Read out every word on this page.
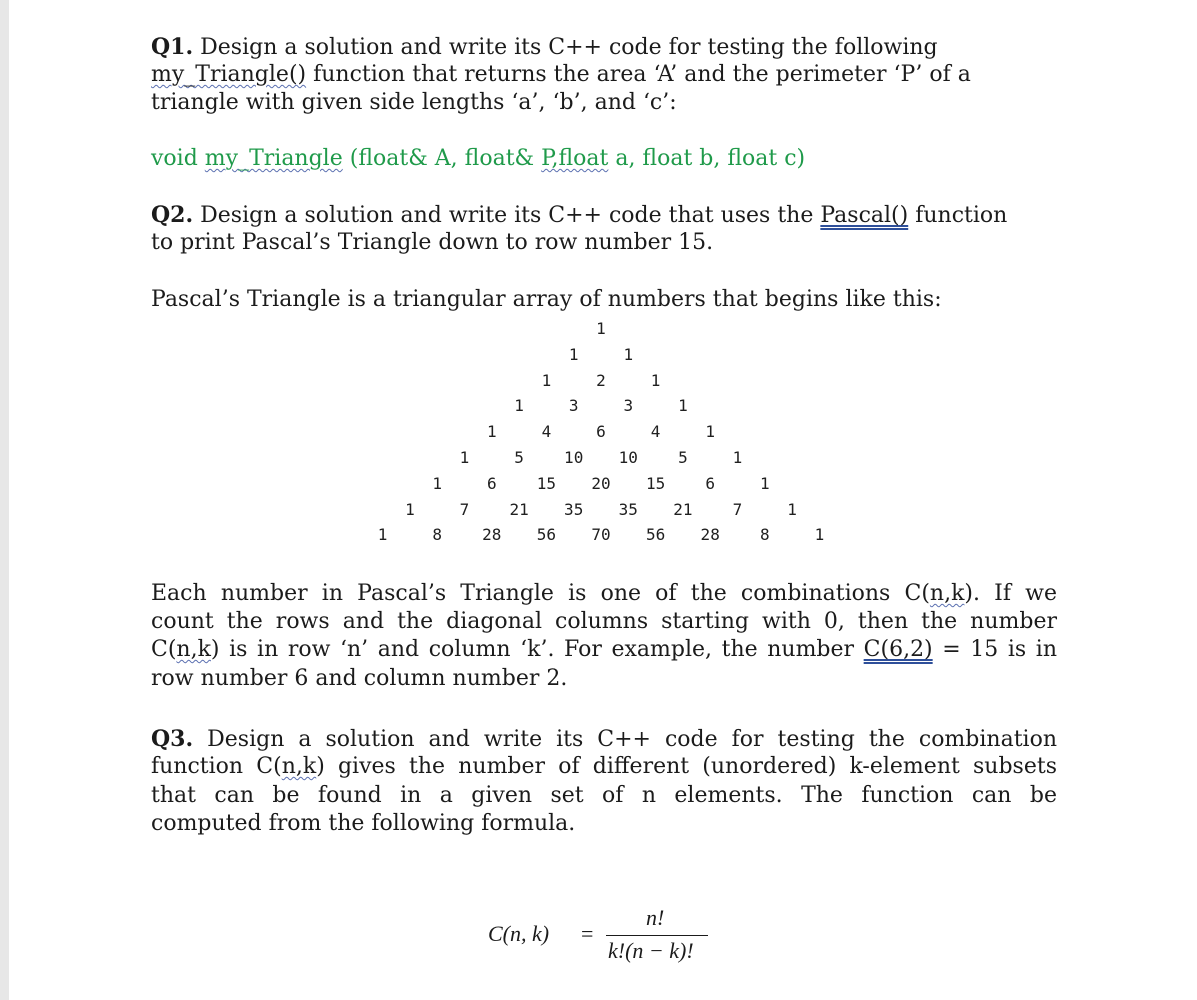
Q1. Design a solution and write its C++ code for testing the following
my_Triangle() function that returns the area ‘A’ and the perimeter ‘P’ of a
triangle with given side lengths ‘a’, ‘b’, and ‘c’:
void my_Triangle (float& A, float& P,float a, float b, float c)
Q2. Design a solution and write its C++ code that uses the Pascal() function
to print Pascal’s Triangle down to row number 15.
Pascal’s Triangle is a triangular array of numbers that begins like this:
Each number in Pascal’s Triangle is one of the combinations C(n,k). If we
count the rows and the diagonal columns starting with 0, then the number
C(n,k) is in row ‘n’ and column ‘k’. For example, the number C(6,2) = 15 is in
row number 6 and column number 2.
Q3. Design a solution and write its C++ code for testing the combination
function C(n,k) gives the number of different (unordered) k-element subsets
that can be found in a given set of n elements. The function can be
computed from the following formula.
C(n, k) =
n!
k!(n − k)!
1
1	1
1	2	1
1	3	3	1
1	4	6	4	1
1	5	10 10	5	1
1	6	15 20 15	6	1
1	7	21 35 35 21	7	1
1	8	28 56 70 56 28	8	1
